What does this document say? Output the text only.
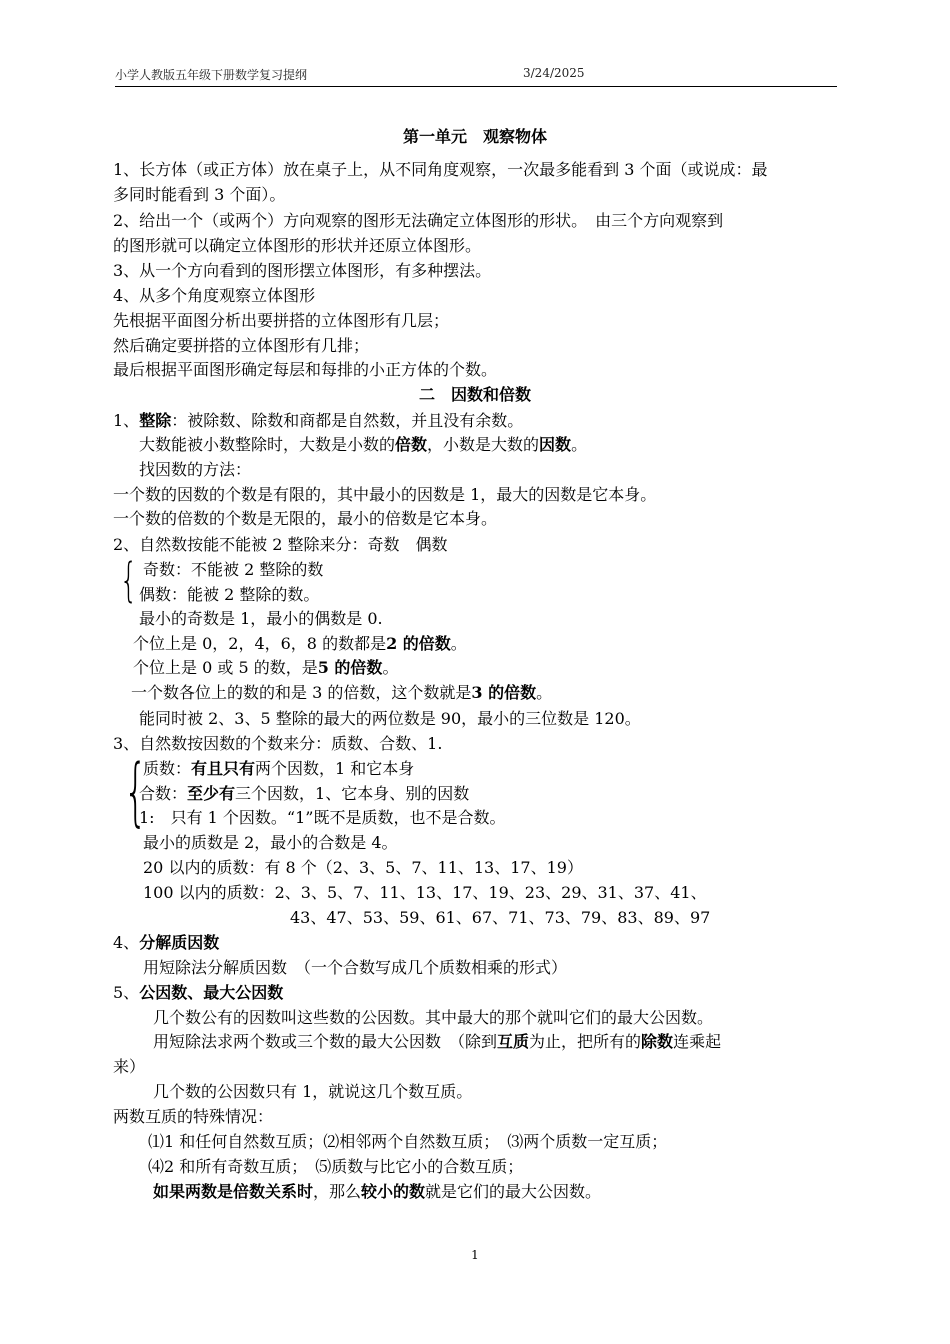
小学人教版五年级下册数学复习提纲	3/24/2025
第一单元　观察物体
1、长方体（或正方体）放在桌子上，从不同角度观察，一次最多能看到 3 个面（或说成：最
多同时能看到 3 个面）。
2、给出一个（或两个）方向观察的图形无法确定立体图形的形状。　由三个方向观察到
的图形就可以确定立体图形的形状并还原立体图形。
3、从一个方向看到的图形摆立体图形，有多种摆法。
4、从多个角度观察立体图形
先根据平面图分析出要拼搭的立体图形有几层；
然后确定要拼搭的立体图形有几排；
最后根据平面图形确定每层和每排的小正方体的个数。
二　因数和倍数
1、整除：被除数、除数和商都是自然数，并且没有余数。
大数能被小数整除时，大数是小数的倍数，小数是大数的因数。
找因数的方法：
一个数的因数的个数是有限的，其中最小的因数是 1，最大的因数是它本身。
一个数的倍数的个数是无限的，最小的倍数是它本身。
2、自然数按能不能被 2 整除来分：奇数　偶数
{ 奇数：不能被 2 整除的数
偶数：能被 2 整除的数。
最小的奇数是 1，最小的偶数是 0.
个位上是 0，2，4，6，8 的数都是2 的倍数。
个位上是 0 或 5 的数，是5 的倍数。
一个数各位上的数的和是 3 的倍数，这个数就是3 的倍数。
能同时被 2、3、5 整除的最大的两位数是 90，最小的三位数是 120。
3、自然数按因数的个数来分：质数、合数、1.
{
质数：有且只有两个因数，1 和它本身
合数：至少有三个因数，1、它本身、别的因数
1:　只有 1 个因数。“1”既不是质数，也不是合数。
最小的质数是 2，最小的合数是 4。
20 以内的质数：有 8 个（2、3、5、7、11、13、17、19）
100 以内的质数：2、3、5、7、11、13、17、19、23、29、31、37、41、
43、47、53、59、61、67、71、73、79、83、89、97
4、分解质因数
用短除法分解质因数　（一个合数写成几个质数相乘的形式）
5、公因数、最大公因数
几个数公有的因数叫这些数的公因数。其中最大的那个就叫它们的最大公因数。
用短除法求两个数或三个数的最大公因数　（除到互质为止，把所有的除数连乘起
来）
几个数的公因数只有 1，就说这几个数互质。
两数互质的特殊情况：
⑴1 和任何自然数互质；⑵相邻两个自然数互质；　⑶两个质数一定互质；
⑷2 和所有奇数互质；　⑸质数与比它小的合数互质；
如果两数是倍数关系时，那么较小的数就是它们的最大公因数。
1
